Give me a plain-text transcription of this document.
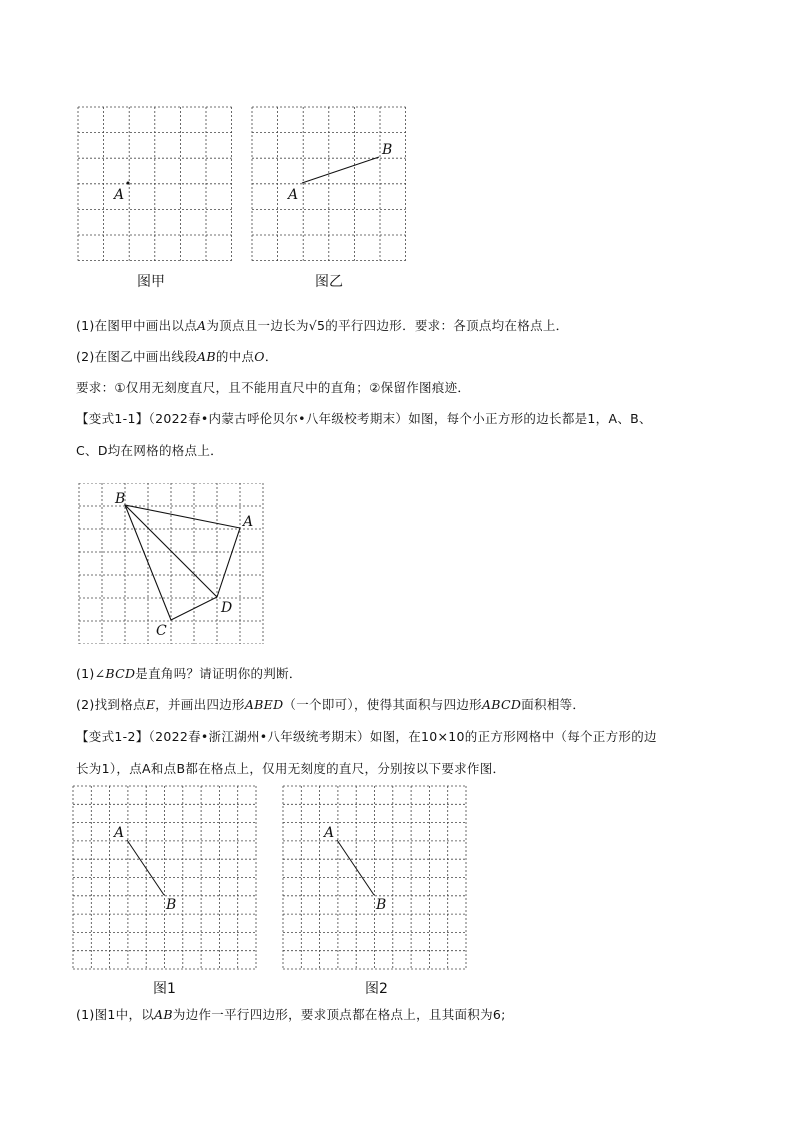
A
图甲
A
B
图乙
(1)在图甲中画出以点A为顶点且一边长为√5的平行四边形．要求：各顶点均在格点上．
(2)在图乙中画出线段AB的中点O．
要求：①仅用无刻度直尺，且不能用直尺中的直角；②保留作图痕迹．
【变式1-1】（2022春•内蒙古呼伦贝尔•八年级校考期末）如图，每个小正方形的边长都是1，A、B、
C、D均在网格的格点上．
B
A
D
C
(1)∠BCD是直角吗？请证明你的判断．
(2)找到格点E，并画出四边形ABED（一个即可），使得其面积与四边形ABCD面积相等．
【变式1-2】（2022春•浙江湖州•八年级统考期末）如图，在10×10的正方形网格中（每个正方形的边
长为1），点A和点B都在格点上，仅用无刻度的直尺，分别按以下要求作图．
A
B
图1
A
B
图2
(1)图1中，以AB为边作一平行四边形，要求顶点都在格点上，且其面积为6;
